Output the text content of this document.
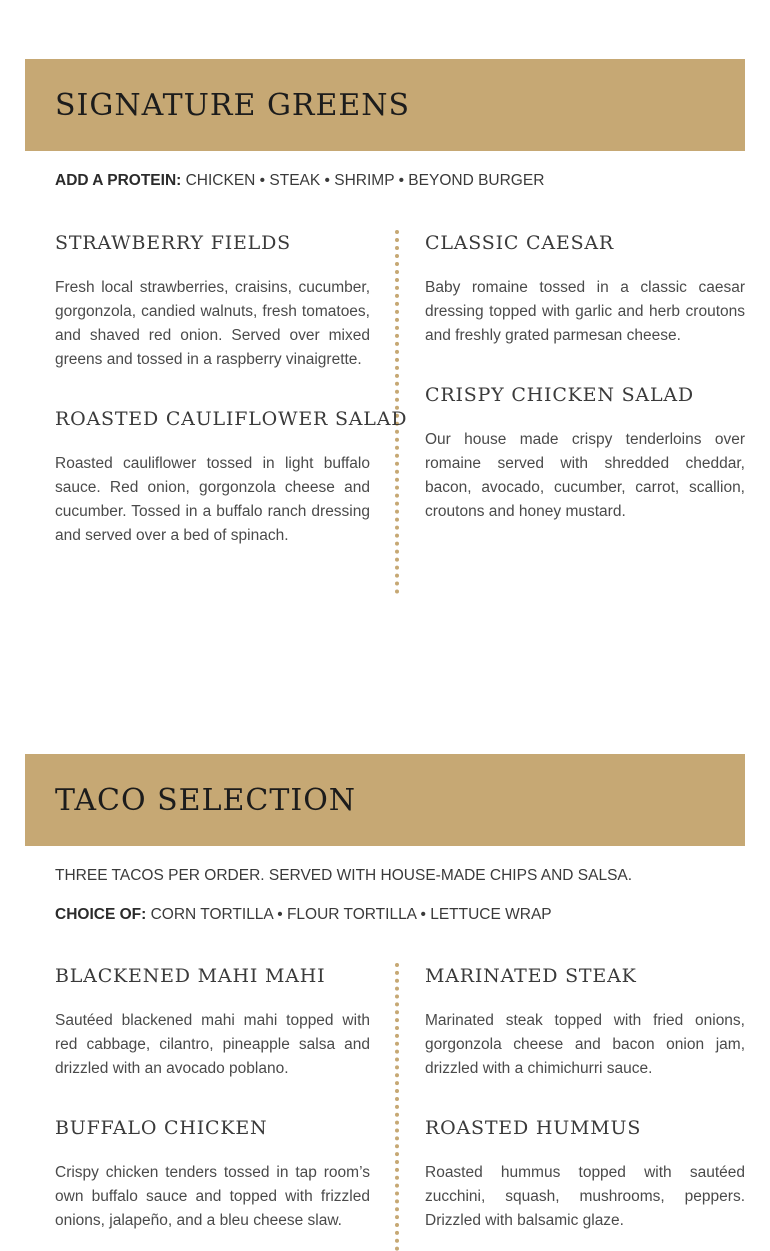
SIGNATURE GREENS
ADD A PROTEIN: CHICKEN • STEAK • SHRIMP • BEYOND BURGER
STRAWBERRY FIELDS

Fresh local strawberries, craisins, cucumber, gorgonzola, candied walnuts, fresh tomatoes, and shaved red onion. Served over mixed greens and tossed in a raspberry vinaigrette.

ROASTED CAULIFLOWER SALAD

Roasted cauliflower tossed in light buffalo sauce. Red onion, gorgonzola cheese and cucumber. Tossed in a buffalo ranch dressing and served over a bed of spinach.

CLASSIC CAESAR

Baby romaine tossed in a classic caesar dressing topped with garlic and herb croutons and freshly grated parmesan cheese.

CRISPY CHICKEN SALAD

Our house made crispy tenderloins over romaine served with shredded cheddar, bacon, avocado, cucumber, carrot, scallion, croutons and honey mustard.

TACO SELECTION
THREE TACOS PER ORDER. SERVED WITH HOUSE-MADE CHIPS AND SALSA.
CHOICE OF: CORN TORTILLA • FLOUR TORTILLA • LETTUCE WRAP
BLACKENED MAHI MAHI

Sautéed blackened mahi mahi topped with red cabbage, cilantro, pineapple salsa and drizzled with an avocado poblano.

BUFFALO CHICKEN

Crispy chicken tenders tossed in tap room’s own buffalo sauce and topped with frizzled onions, jalapeño, and a bleu cheese slaw.

MARINATED STEAK

Marinated steak topped with fried onions, gorgonzola cheese and bacon onion jam, drizzled with a chimichurri sauce.

ROASTED HUMMUS

Roasted hummus topped with sautéed zucchini, squash, mushrooms, peppers. Drizzled with balsamic glaze.
